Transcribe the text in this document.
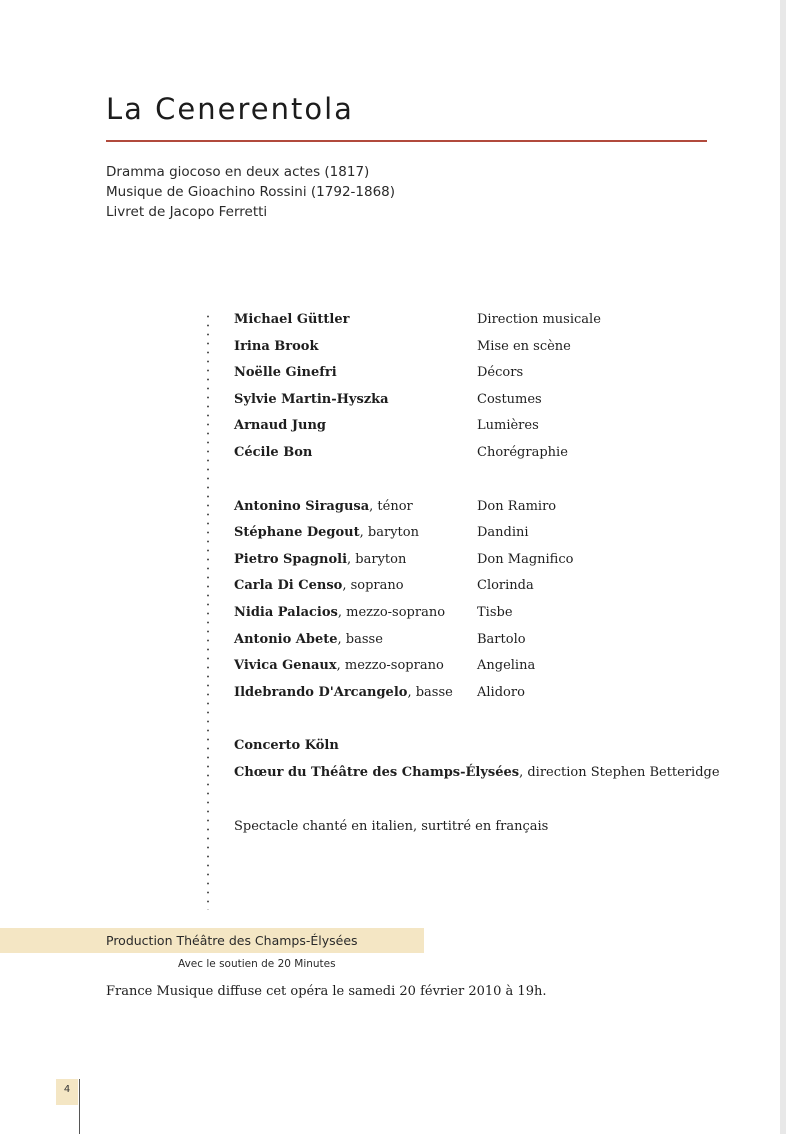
La Cenerentola
Dramma giocoso en deux actes (1817)
Musique de Gioachino Rossini (1792-1868)
Livret de Jacopo Ferretti
Michael Güttler	Direction musicale
Irina Brook	Mise en scène
Noëlle Ginefri	Décors
Sylvie Martin-Hyszka	Costumes
Arnaud Jung	Lumières
Cécile Bon	Chorégraphie
Antonino Siragusa, ténor	Don Ramiro
Stéphane Degout, baryton	Dandini
Pietro Spagnoli, baryton	Don Magnifico
Carla Di Censo, soprano	Clorinda
Nidia Palacios, mezzo-soprano	Tisbe
Antonio Abete, basse	Bartolo
Vivica Genaux, mezzo-soprano	Angelina
Ildebrando D'Arcangelo, basse	Alidoro
Concerto Köln
Chœur du Théâtre des Champs-Élysées, direction Stephen Betteridge
Spectacle chanté en italien, surtitré en français
Production Théâtre des Champs-Élysées
Avec le soutien de 20 Minutes
France Musique diffuse cet opéra le samedi 20 février 2010 à 19h.
4
